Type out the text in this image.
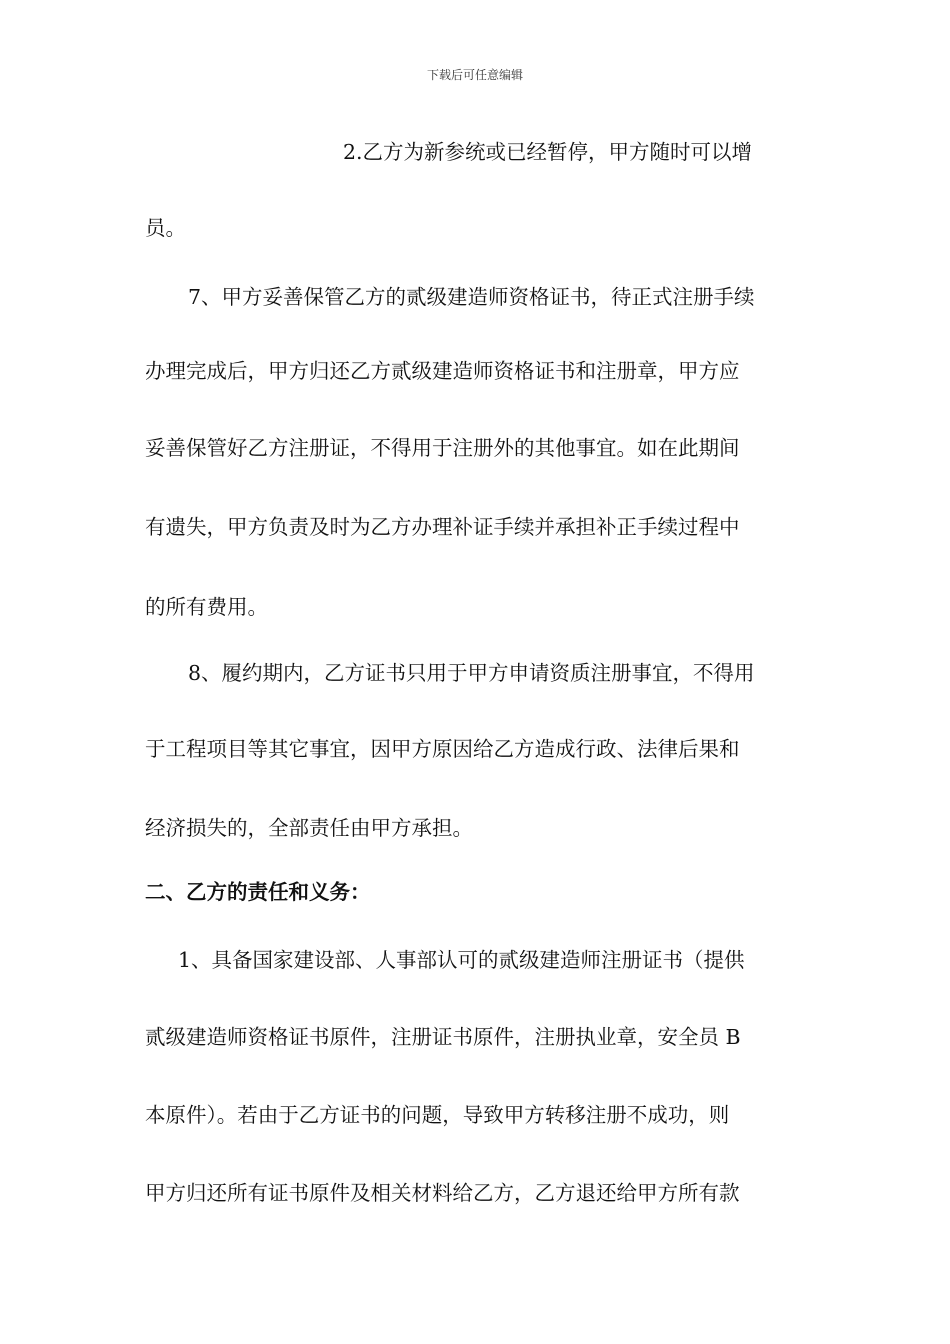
下载后可任意编辑
2.乙方为新参统或已经暂停，甲方随时可以增
员。
7、甲方妥善保管乙方的贰级建造师资格证书，待正式注册手续
办理完成后，甲方归还乙方贰级建造师资格证书和注册章，甲方应
妥善保管好乙方注册证，不得用于注册外的其他事宜。如在此期间
有遗失，甲方负责及时为乙方办理补证手续并承担补正手续过程中
的所有费用。
8、履约期内，乙方证书只用于甲方申请资质注册事宜，不得用
于工程项目等其它事宜，因甲方原因给乙方造成行政、法律后果和
经济损失的，全部责任由甲方承担。
二、乙方的责任和义务：
1、具备国家建设部、人事部认可的贰级建造师注册证书（提供
贰级建造师资格证书原件，注册证书原件，注册执业章，安全员 B
本原件）。若由于乙方证书的问题，导致甲方转移注册不成功，则
甲方归还所有证书原件及相关材料给乙方，乙方退还给甲方所有款
